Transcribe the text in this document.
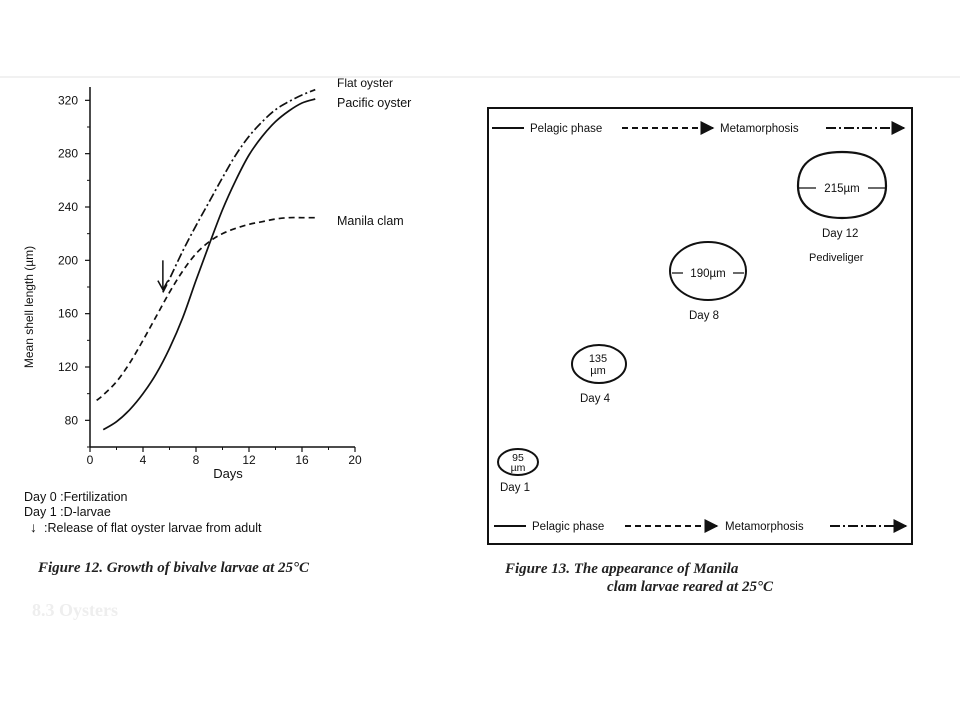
0	4	8	12	16	20
80
120
160
200
240
280
320
Mean shell length (µm)
Days
Flat oyster
Pacific oyster
Manila clam
Day 0 :Fertilization
Day 1 :D-larvae
↓ :Release of flat oyster larvae from adult
Figure 12. Growth of bivalve larvae at 25°C
Pelagic phase	Metamorphosis
Pelagic phase	Metamorphosis
95
µm
Day 1
135
µm
Day 4
190µm
Day 8
215µm
Day 12
Pediveliger
Figure 13. The appearance of Manila
clam larvae reared at 25°C
8.3 Oysters
